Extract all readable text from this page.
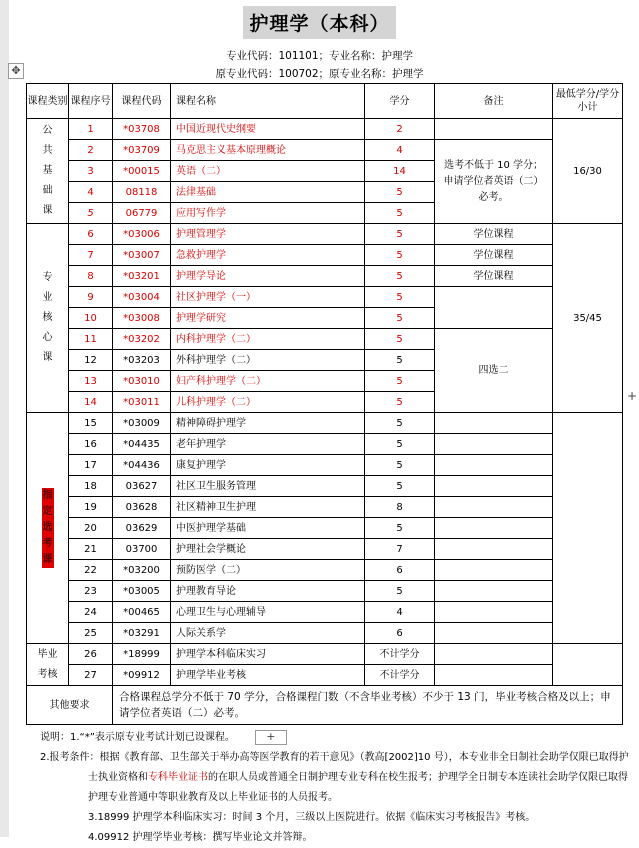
护理学（本科）
专业代码：101101；专业名称：护理学
原专业代码：100702；原专业名称：护理学
✥
+
课程类别	课程序号	课程代码	课程名称	学分	备注	最低学分/学分小计
公共基础课	1	*03708	中国近现代史纲要	2		16/30
	2	*03709	马克思主义基本原理概论	4	选考不低于 10 学分；申请学位者英语（二）必考。	
	3	*00015	英语（二）	14		
	4	08118	法律基础	5		
	5	06779	应用写作学	5		
专业核心课	6	*03006	护理管理学	5	学位课程	35/45
	7	*03007	急救护理学	5	学位课程	
	8	*03201	护理学导论	5	学位课程	
	9	*03004	社区护理学（一）	5		
	10	*03008	护理学研究	5		
	11	*03202	内科护理学（二）	5	四选二	
	12	*03203	外科护理学（二）	5		
	13	*03010	妇产科护理学（二）	5		
	14	*03011	儿科护理学（二）	5		
指定选考课	15	*03009	精神障碍护理学	5		
	16	*04435	老年护理学	5		
	17	*04436	康复护理学	5		
	18	03627	社区卫生服务管理	5		
	19	03628	社区精神卫生护理	8		
	20	03629	中医护理学基础	5		
	21	03700	护理社会学概论	7		
	22	*03200	预防医学（二）	6		
	23	*03005	护理教育导论	5		
	24	*00465	心理卫生与心理辅导	4		
	25	*03291	人际关系学	6		
毕业考核	26	*18999	护理学本科临床实习	不计学分		
	27	*09912	护理学毕业考核	不计学分		
其他要求		合格课程总学分不低于 70 学分，合格课程门数（不含毕业考核）不少于 13 门，毕业考核合格及以上；申请学位者英语（二）必考。				

说明：1.“*”表示原专业考试计划已设课程。	+

2.报考条件：根据《教育部、卫生部关于举办高等医学教育的若干意见》（教高[2002]10 号），本专业非全日制社会助学仅限已取得护士执业资格和专科毕业证书的在职人员或普通全日制护理专业专科在校生报考；护理学全日制专本连读社会助学仅限已取得护理专业普通中等职业教育及以上毕业证书的人员报考。

3.18999 护理学本科临床实习：时间 3 个月，三级以上医院进行。依据《临床实习考核报告》考核。

4.09912 护理学毕业考核：撰写毕业论文并答辩。
